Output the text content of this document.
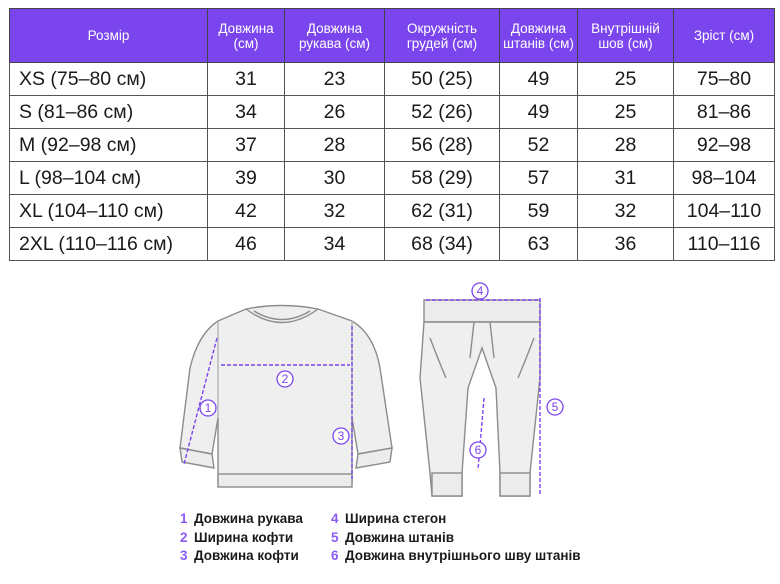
Розмір	Довжина (см)	Довжина рукава (см)	Окружність грудей (см)	Довжина штанів (см)	Внутрішній шов (см)	Зріст (см)
XS (75–80 см)	31	23	50 (25)	49	25	75–80
S (81–86 см)	34	26	52 (26)	49	25	81–86
M (92–98 см)	37	28	56 (28)	52	28	92–98
L (98–104 см)	39	30	58 (29)	57	31	98–104
XL (104–110 см)	42	32	62 (31)	59	32	104–110
2XL (110–116 см)	46	34	68 (34)	63	36	110–116
1
2
3
4
5
6
1 Довжина рукава
2 Ширина кофти
3 Довжина кофти
4 Ширина стегон
5 Довжина штанів
6 Довжина внутрішнього шву штанів
